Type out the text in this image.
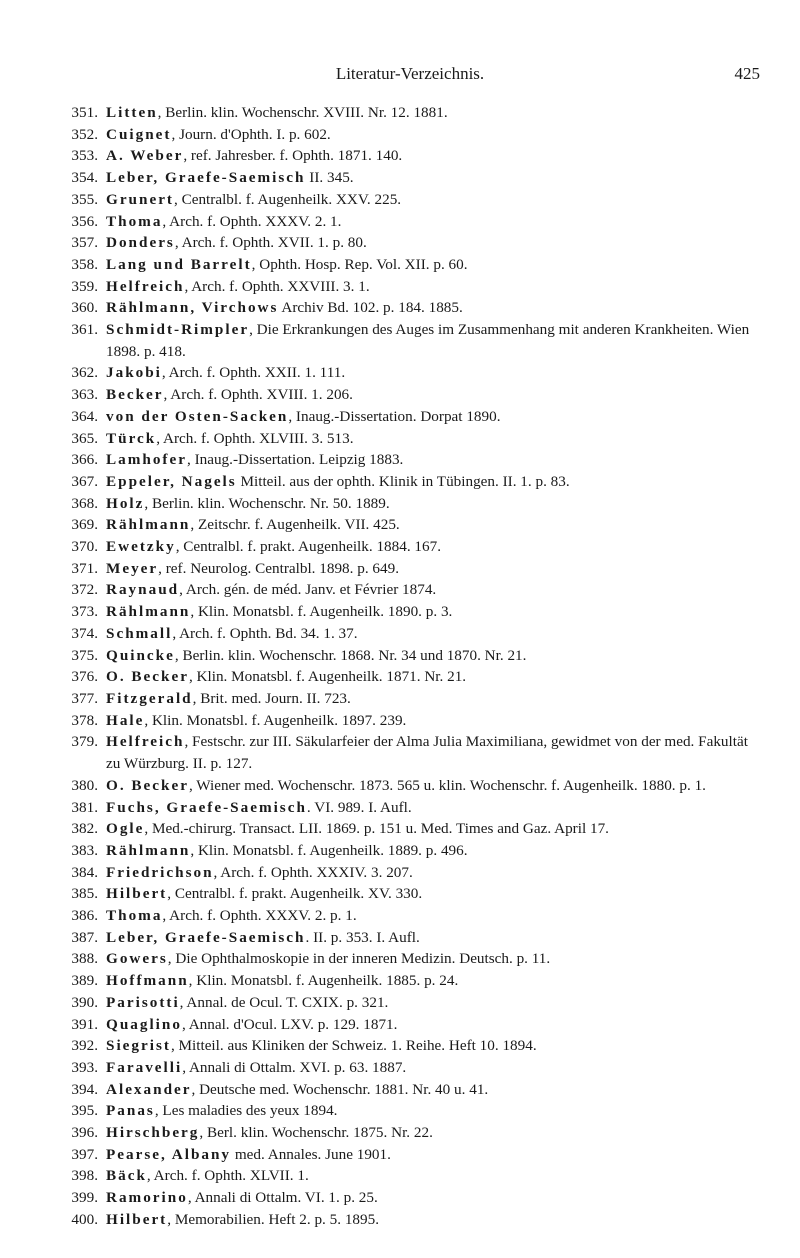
Literatur-Verzeichnis.	425
351. Litten, Berlin. klin. Wochenschr. XVIII. Nr. 12. 1881.
352. Cuignet, Journ. d'Ophth. I. p. 602.
353. A. Weber, ref. Jahresber. f. Ophth. 1871. 140.
354. Leber, Graefe-Saemisch II. 345.
355. Grunert, Centralbl. f. Augenheilk. XXV. 225.
356. Thoma, Arch. f. Ophth. XXXV. 2. 1.
357. Donders, Arch. f. Ophth. XVII. 1. p. 80.
358. Lang und Barrelt, Ophth. Hosp. Rep. Vol. XII. p. 60.
359. Helfreich, Arch. f. Ophth. XXVIII. 3. 1.
360. Rählmann, Virchows Archiv Bd. 102. p. 184. 1885.
361. Schmidt-Rimpler, Die Erkrankungen des Auges im Zusammenhang mit anderen Krankheiten. Wien 1898. p. 418.
362. Jakobi, Arch. f. Ophth. XXII. 1. 111.
363. Becker, Arch. f. Ophth. XVIII. 1. 206.
364. von der Osten-Sacken, Inaug.-Dissertation. Dorpat 1890.
365. Türck, Arch. f. Ophth. XLVIII. 3. 513.
366. Lamhofer, Inaug.-Dissertation. Leipzig 1883.
367. Eppeler, Nagels Mitteil. aus der ophth. Klinik in Tübingen. II. 1. p. 83.
368. Holz, Berlin. klin. Wochenschr. Nr. 50. 1889.
369. Rählmann, Zeitschr. f. Augenheilk. VII. 425.
370. Ewetzky, Centralbl. f. prakt. Augenheilk. 1884. 167.
371. Meyer, ref. Neurolog. Centralbl. 1898. p. 649.
372. Raynaud, Arch. gén. de méd. Janv. et Février 1874.
373. Rählmann, Klin. Monatsbl. f. Augenheilk. 1890. p. 3.
374. Schmall, Arch. f. Ophth. Bd. 34. 1. 37.
375. Quincke, Berlin. klin. Wochenschr. 1868. Nr. 34 und 1870. Nr. 21.
376. O. Becker, Klin. Monatsbl. f. Augenheilk. 1871. Nr. 21.
377. Fitzgerald, Brit. med. Journ. II. 723.
378. Hale, Klin. Monatsbl. f. Augenheilk. 1897. 239.
379. Helfreich, Festschr. zur III. Säkularfeier der Alma Julia Maximiliana, gewidmet von der med. Fakultät zu Würzburg. II. p. 127.
380. O. Becker, Wiener med. Wochenschr. 1873. 565 u. klin. Wochenschr. f. Augenheilk. 1880. p. 1.
381. Fuchs, Graefe-Saemisch. VI. 989. I. Aufl.
382. Ogle, Med.-chirurg. Transact. LII. 1869. p. 151 u. Med. Times and Gaz. April 17.
383. Rählmann, Klin. Monatsbl. f. Augenheilk. 1889. p. 496.
384. Friedrichson, Arch. f. Ophth. XXXIV. 3. 207.
385. Hilbert, Centralbl. f. prakt. Augenheilk. XV. 330.
386. Thoma, Arch. f. Ophth. XXXV. 2. p. 1.
387. Leber, Graefe-Saemisch. II. p. 353. I. Aufl.
388. Gowers, Die Ophthalmoskopie in der inneren Medizin. Deutsch. p. 11.
389. Hoffmann, Klin. Monatsbl. f. Augenheilk. 1885. p. 24.
390. Parisotti, Annal. de Ocul. T. CXIX. p. 321.
391. Quaglino, Annal. d'Ocul. LXV. p. 129. 1871.
392. Siegrist, Mitteil. aus Kliniken der Schweiz. 1. Reihe. Heft 10. 1894.
393. Faravelli, Annali di Ottalm. XVI. p. 63. 1887.
394. Alexander, Deutsche med. Wochenschr. 1881. Nr. 40 u. 41.
395. Panas, Les maladies des yeux 1894.
396. Hirschberg, Berl. klin. Wochenschr. 1875. Nr. 22.
397. Pearse, Albany med. Annales. June 1901.
398. Bäck, Arch. f. Ophth. XLVII. 1.
399. Ramorino, Annali di Ottalm. VI. 1. p. 25.
400. Hilbert, Memorabilien. Heft 2. p. 5. 1895.
